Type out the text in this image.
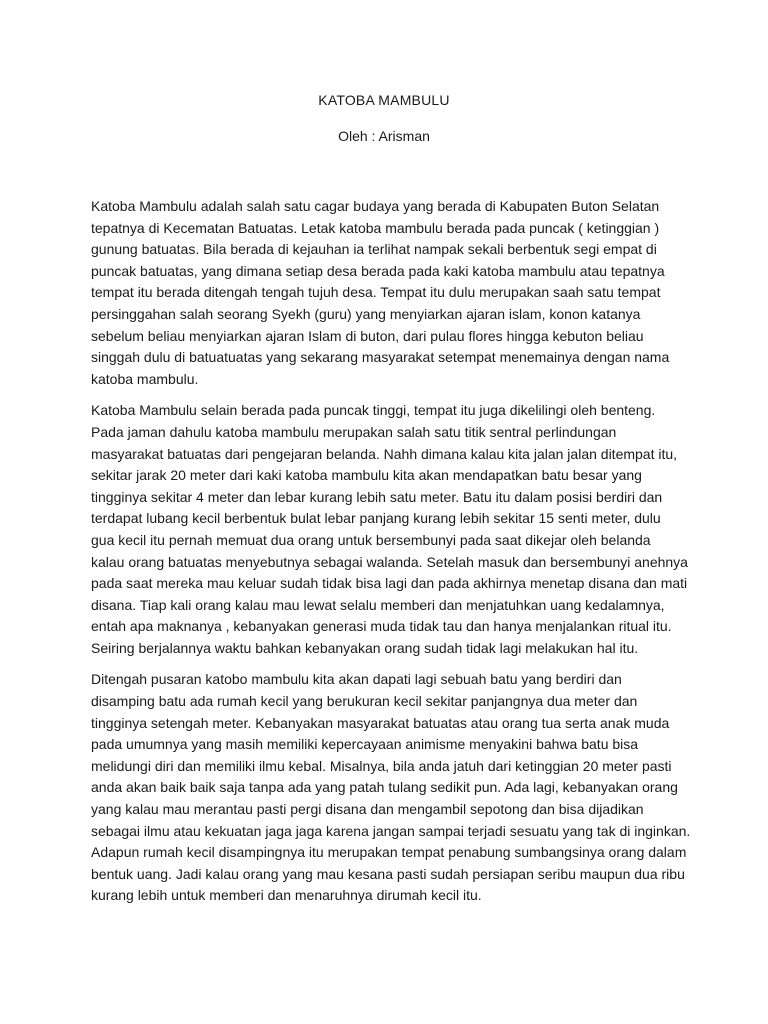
KATOBA MAMBULU
Oleh : Arisman

Katoba Mambulu adalah salah satu cagar budaya yang berada di Kabupaten Buton Selatan
tepatnya di Kecematan Batuatas. Letak katoba mambulu berada pada puncak ( ketinggian )
gunung batuatas. Bila berada di kejauhan ia terlihat nampak sekali berbentuk segi empat di
puncak batuatas, yang dimana setiap desa berada pada kaki katoba mambulu atau tepatnya
tempat itu berada ditengah tengah tujuh desa. Tempat itu dulu merupakan saah satu tempat
persinggahan salah seorang Syekh (guru) yang menyiarkan ajaran islam, konon katanya
sebelum beliau menyiarkan ajaran Islam di buton, dari pulau flores hingga kebuton beliau
singgah dulu di batuatuatas yang sekarang masyarakat setempat menemainya dengan nama
katoba mambulu.

Katoba Mambulu selain berada pada puncak tinggi, tempat itu juga dikelilingi oleh benteng.
Pada jaman dahulu katoba mambulu merupakan salah satu titik sentral perlindungan
masyarakat batuatas dari pengejaran belanda. Nahh dimana kalau kita jalan jalan ditempat itu,
sekitar jarak 20 meter dari kaki katoba mambulu kita akan mendapatkan batu besar yang
tingginya sekitar 4 meter dan lebar kurang lebih satu meter. Batu itu dalam posisi berdiri dan
terdapat lubang kecil berbentuk bulat lebar panjang kurang lebih sekitar 15 senti meter, dulu
gua kecil itu pernah memuat dua orang untuk bersembunyi pada saat dikejar oleh belanda
kalau orang batuatas menyebutnya sebagai walanda. Setelah masuk dan bersembunyi anehnya
pada saat mereka mau keluar sudah tidak bisa lagi dan pada akhirnya menetap disana dan mati
disana. Tiap kali orang kalau mau lewat selalu memberi dan menjatuhkan uang kedalamnya,
entah apa maknanya , kebanyakan generasi muda tidak tau dan hanya menjalankan ritual itu.
Seiring berjalannya waktu bahkan kebanyakan orang sudah tidak lagi melakukan hal itu.

Ditengah pusaran katobo mambulu kita akan dapati lagi sebuah batu yang berdiri dan
disamping batu ada rumah kecil yang berukuran kecil sekitar panjangnya dua meter dan
tingginya setengah meter. Kebanyakan masyarakat batuatas atau orang tua serta anak muda
pada umumnya yang masih memiliki kepercayaan animisme menyakini bahwa batu bisa
melidungi diri dan memiliki ilmu kebal. Misalnya, bila anda jatuh dari ketinggian 20 meter pasti
anda akan baik baik saja tanpa ada yang patah tulang sedikit pun. Ada lagi, kebanyakan orang
yang kalau mau merantau pasti pergi disana dan mengambil sepotong dan bisa dijadikan
sebagai ilmu atau kekuatan jaga jaga karena jangan sampai terjadi sesuatu yang tak di inginkan.
Adapun rumah kecil disampingnya itu merupakan tempat penabung sumbangsinya orang dalam
bentuk uang. Jadi kalau orang yang mau kesana pasti sudah persiapan seribu maupun dua ribu
kurang lebih untuk memberi dan menaruhnya dirumah kecil itu.
